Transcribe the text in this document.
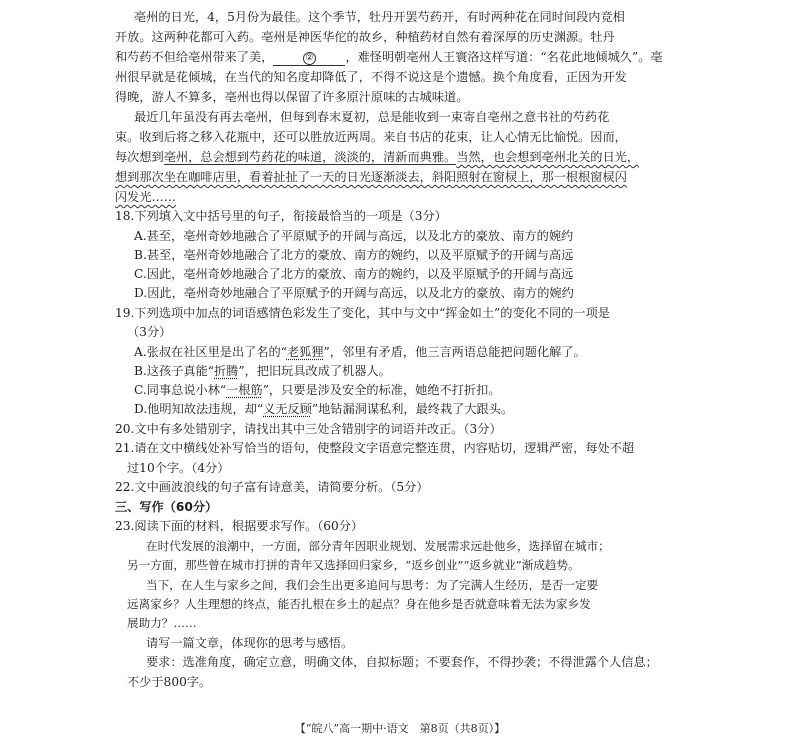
亳州的日光，4，5月份为最佳。这个季节，牡丹开罢芍药开，有时两种花在同时间段内竞相
开放。这两种花都可入药。亳州是神医华佗的故乡，种植药材自然有着深厚的历史渊源。牡丹
和芍药不但给亳州带来了美，	②	，难怪明朝亳州人王寰洛这样写道：“名花此地倾城久”。亳
州很早就是花倾城，在当代的知名度却降低了，不得不说这是个遗憾。换个角度看，正因为开发
得晚，游人不算多，亳州也得以保留了许多原汁原味的古城味道。
最近几年虽没有再去亳州，但每到春末夏初，总是能收到一束寄自亳州之意书社的芍药花
束。收到后将之移入花瓶中，还可以胜放近两周。来自书店的花束，让人心情无比愉悦。因而，
每次想到亳州，总会想到芍药花的味道，淡淡的，清新而典雅。当然，也会想到亳州北关的日光，
想到那次坐在咖啡店里，看着扯扯了一天的日光逐渐淡去，斜阳照射在窗棂上，那一根根窗棂闪
闪发光……
18.下列填入文中括号里的句子，衔接最恰当的一项是（3分）
A.甚至，亳州奇妙地融合了平原赋予的开阔与高远，以及北方的豪放、南方的婉约
B.甚至，亳州奇妙地融合了北方的豪放、南方的婉约，以及平原赋予的开阔与高远
C.因此，亳州奇妙地融合了北方的豪放、南方的婉约，以及平原赋予的开阔与高远
D.因此，亳州奇妙地融合了平原赋予的开阔与高远，以及北方的豪放、南方的婉约
19.下列选项中加点的词语感情色彩发生了变化，其中与文中“挥金如土”的变化不同的一项是
（3分）
A.张叔在社区里是出了名的“老狐狸”，邻里有矛盾，他三言两语总能把问题化解了。
B.这孩子真能“折腾”，把旧玩具改成了机器人。
C.同事总说小林“一根筋”，只要是涉及安全的标准，她绝不打折扣。
D.他明知故法违规，却“义无反顾”地钻漏洞谋私利，最终栽了大跟头。
20.文中有多处错别字，请找出其中三处含错别字的词语并改正。（3分）
21.请在文中横线处补写恰当的语句，使整段文字语意完整连贯，内容贴切，逻辑严密，每处不超
过10个字。（4分）
22.文中画波浪线的句子富有诗意美，请简要分析。（5分）
三、写作（60分）
23.阅读下面的材料，根据要求写作。（60分）
在时代发展的浪潮中，一方面，部分青年因职业规划、发展需求远赴他乡，选择留在城市；
另一方面，那些曾在城市打拼的青年又选择回归家乡，“返乡创业”“返乡就业”渐成趋势。
当下，在人生与家乡之间，我们会生出更多追问与思考：为了完满人生经历，是否一定要
远离家乡？人生理想的终点，能否扎根在乡土的起点？身在他乡是否就意味着无法为家乡发
展助力？……
请写一篇文章，体现你的思考与感悟。
要求：选准角度，确定立意，明确文体，自拟标题；不要套作，不得抄袭；不得泄露个人信息；
不少于800字。
【“皖八”高一期中·语文　第8页（共8页）】
